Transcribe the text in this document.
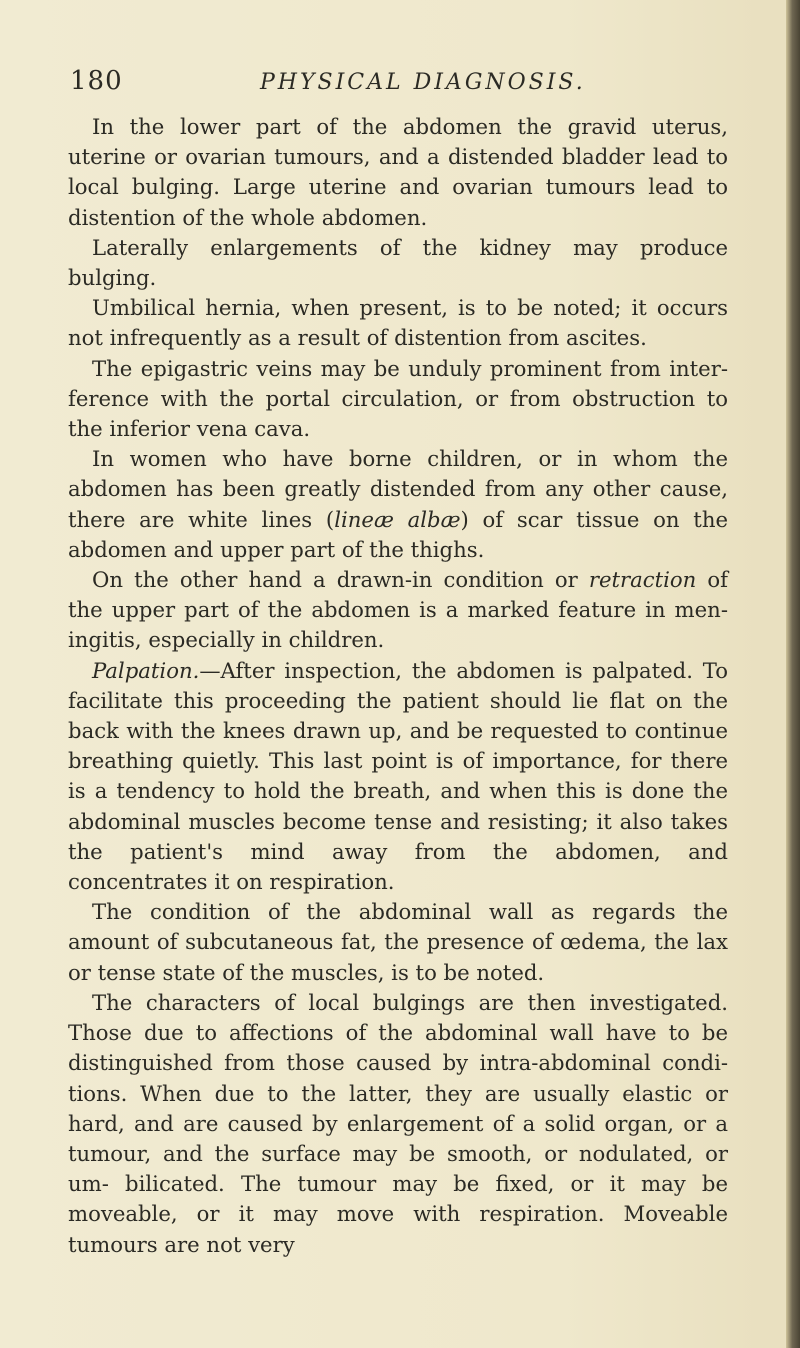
180	PHYSICAL DIAGNOSIS.

In the lower part of the abdomen the gravid uterus, uterine or ovarian tumours, and a distended bladder lead to local bulging. Large uterine and ovarian tumours lead to distention of the whole abdomen.

Laterally enlargements of the kidney may produce bulging.

Umbilical hernia, when present, is to be noted; it occurs not infrequently as a result of distention from ascites.

The epigastric veins may be unduly prominent from inter- ference with the portal circulation, or from obstruction to the inferior vena cava.

In women who have borne children, or in whom the abdomen has been greatly distended from any other cause, there are white lines (lineæ albæ) of scar tissue on the abdomen and upper part of the thighs.

On the other hand a drawn-in condition or retraction of the upper part of the abdomen is a marked feature in men- ingitis, especially in children.

Palpation.—After inspection, the abdomen is palpated. To facilitate this proceeding the patient should lie flat on the back with the knees drawn up, and be requested to continue breathing quietly. This last point is of importance, for there is a tendency to hold the breath, and when this is done the abdominal muscles become tense and resisting; it also takes the patient's mind away from the abdomen, and concentrates it on respiration.

The condition of the abdominal wall as regards the amount of subcutaneous fat, the presence of œdema, the lax or tense state of the muscles, is to be noted.

The characters of local bulgings are then investigated. Those due to affections of the abdominal wall have to be distinguished from those caused by intra-abdominal condi- tions. When due to the latter, they are usually elastic or hard, and are caused by enlargement of a solid organ, or a tumour, and the surface may be smooth, or nodulated, or um- bilicated. The tumour may be fixed, or it may be moveable, or it may move with respiration. Moveable tumours are not very
